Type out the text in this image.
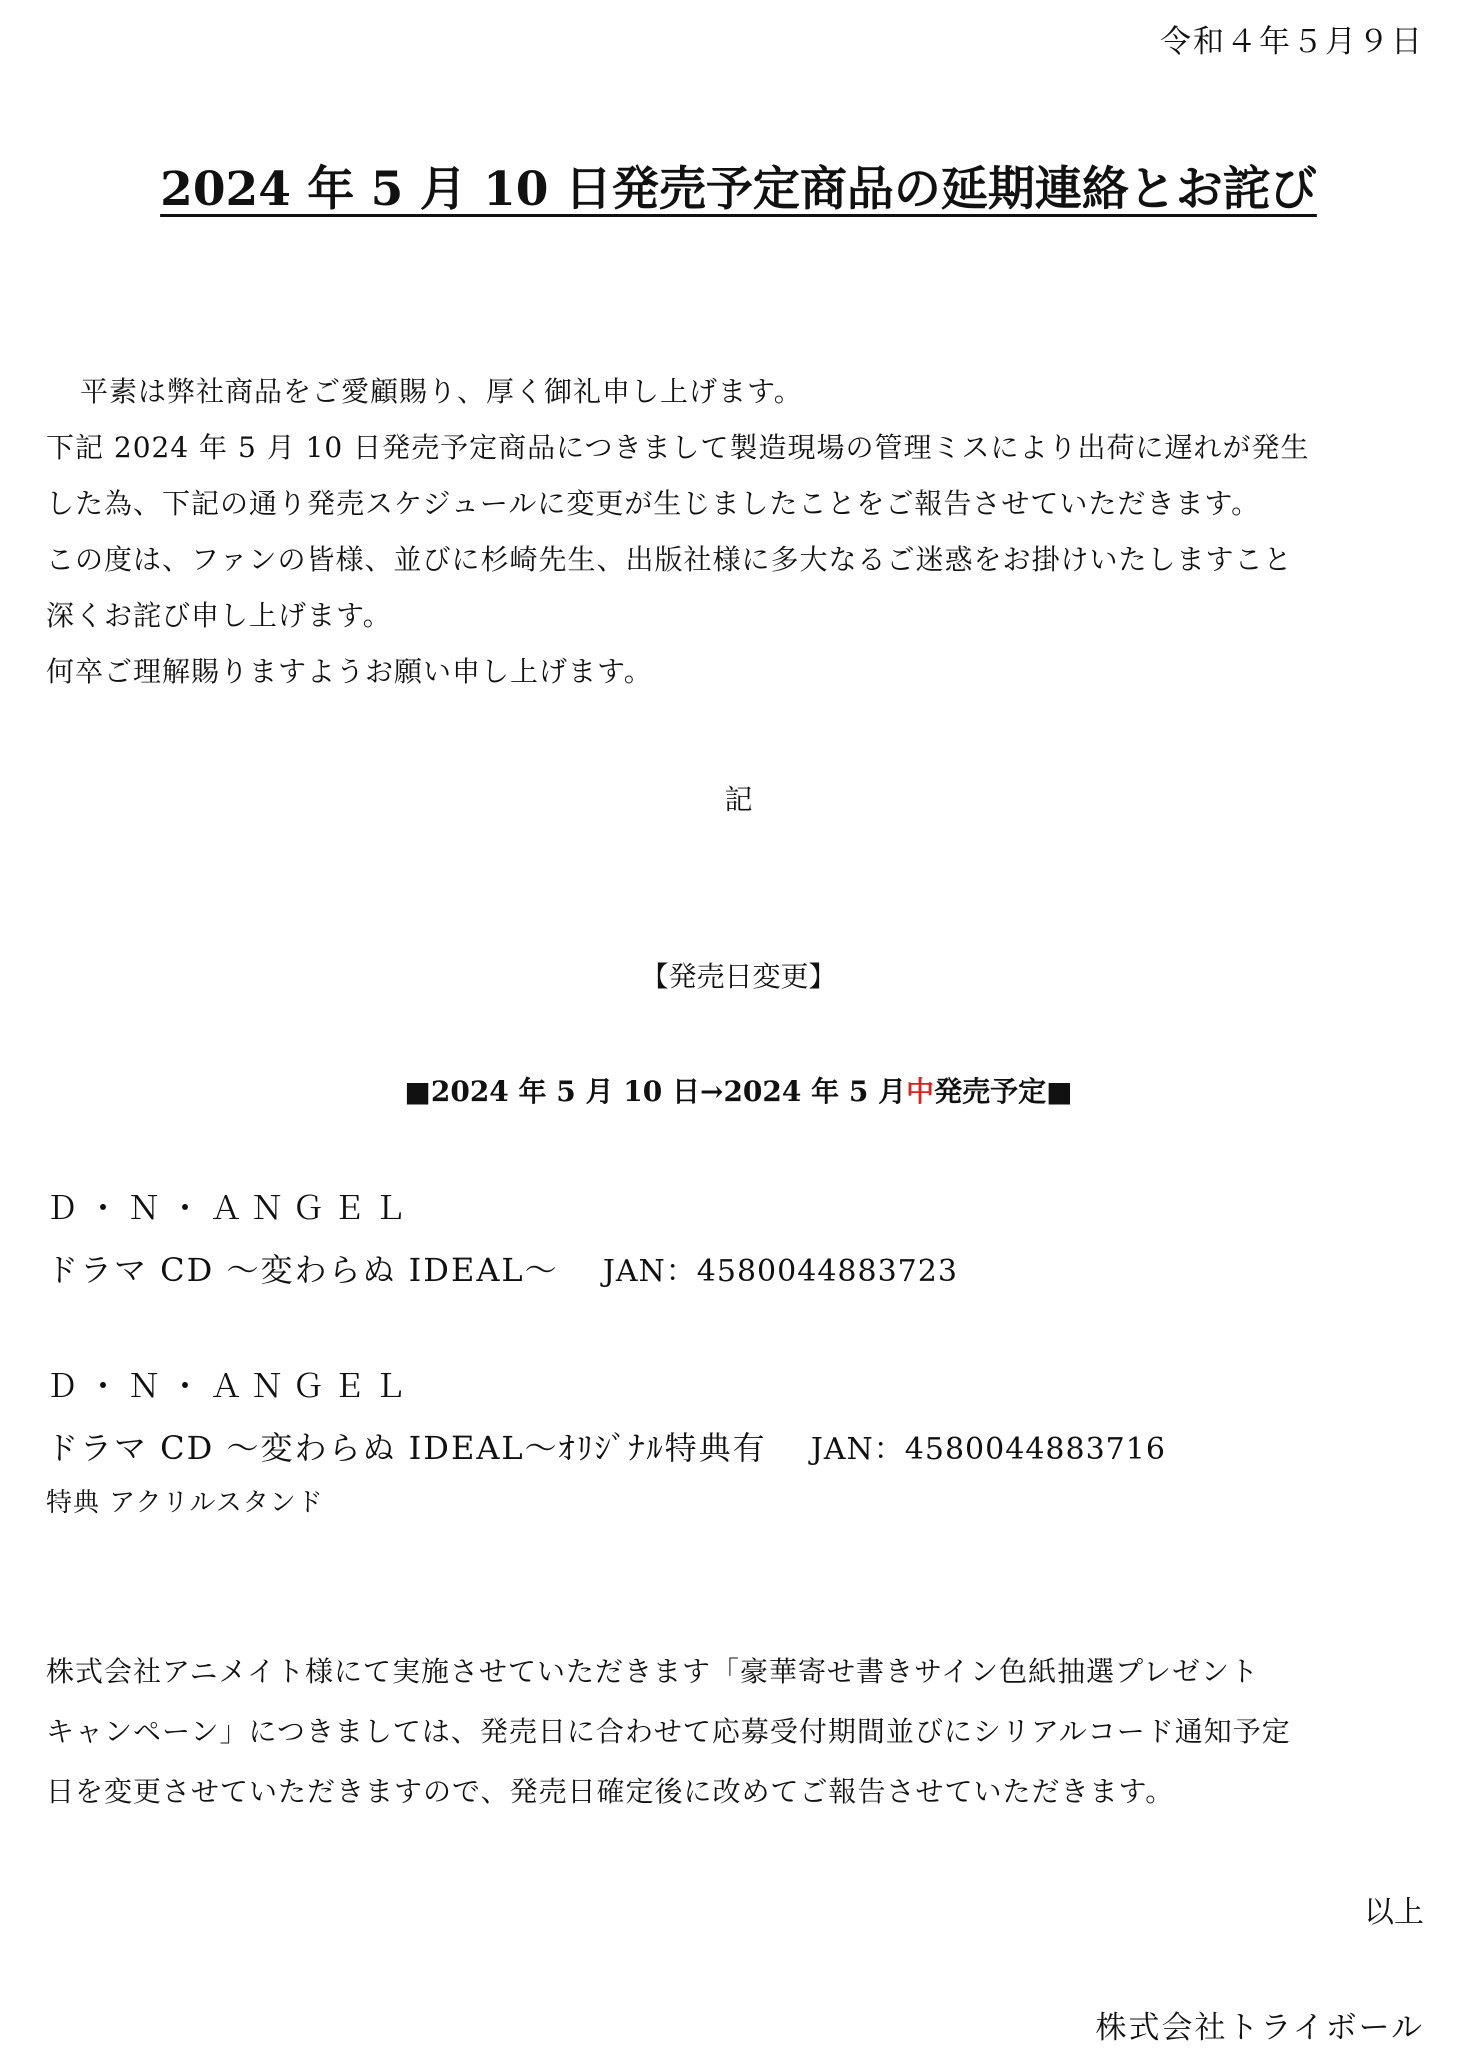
令和４年５月９日
2024 年 5 月 10 日発売予定商品の延期連絡とお詫び
平素は弊社商品をご愛顧賜り、厚く御礼申し上げます。
下記 2024 年 5 月 10 日発売予定商品につきまして製造現場の管理ミスにより出荷に遅れが発生
した為、下記の通り発売スケジュールに変更が生じましたことをご報告させていただきます。
この度は、ファンの皆様、並びに杉崎先生、出版社様に多大なるご迷惑をお掛けいたしますこと
深くお詫び申し上げます。
何卒ご理解賜りますようお願い申し上げます。
記
【発売日変更】
■2024 年 5 月 10 日→2024 年 5 月中発売予定■
Ｄ・Ｎ・ＡＮＧＥＬ
ドラマ CD ～変わらぬ IDEAL～ JAN：4580044883723
Ｄ・Ｎ・ＡＮＧＥＬ
ドラマ CD ～変わらぬ IDEAL～ｵﾘｼﾞﾅﾙ特典有 JAN：4580044883716
特典 アクリルスタンド
株式会社アニメイト様にて実施させていただきます「豪華寄せ書きサイン色紙抽選プレゼント
キャンペーン」につきましては、発売日に合わせて応募受付期間並びにシリアルコード通知予定
日を変更させていただきますので、発売日確定後に改めてご報告させていただきます。
以上
株式会社トライボール
